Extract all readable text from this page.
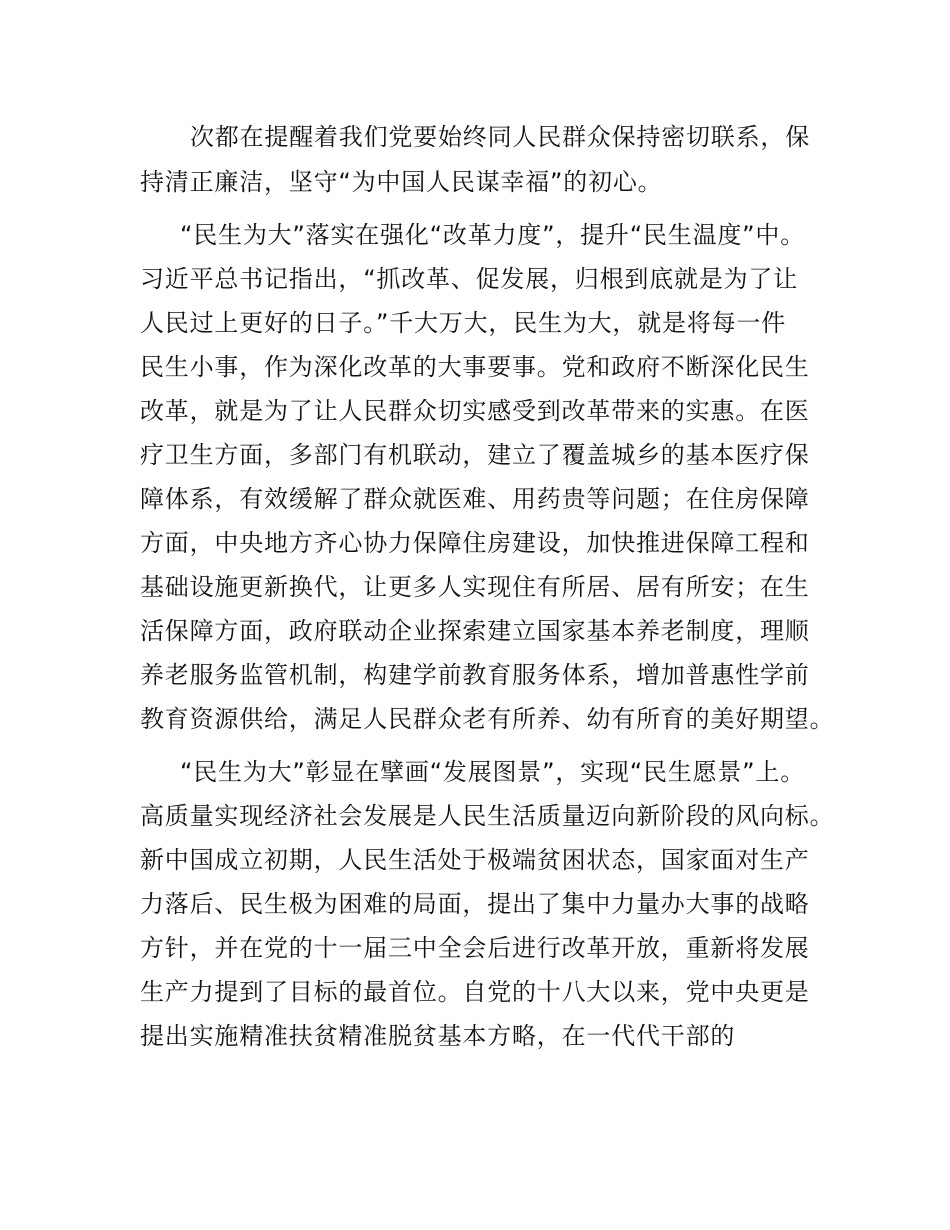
次都在提醒着我们党要始终同人民群众保持密切联系，保
持清正廉洁，坚守“为中国人民谋幸福”的初心。
“民生为大”落实在强化“改革力度”，提升“民生温度”中。
习近平总书记指出，“抓改革、促发展，归根到底就是为了让
人民过上更好的日子。”千大万大，民生为大，就是将每一件
民生小事，作为深化改革的大事要事。党和政府不断深化民生
改革，就是为了让人民群众切实感受到改革带来的实惠。在医
疗卫生方面，多部门有机联动，建立了覆盖城乡的基本医疗保
障体系，有效缓解了群众就医难、用药贵等问题；在住房保障
方面，中央地方齐心协力保障住房建设，加快推进保障工程和
基础设施更新换代，让更多人实现住有所居、居有所安；在生
活保障方面，政府联动企业探索建立国家基本养老制度，理顺
养老服务监管机制，构建学前教育服务体系，增加普惠性学前
教育资源供给，满足人民群众老有所养、幼有所育的美好期望。
“民生为大”彰显在擘画“发展图景”，实现“民生愿景”上。
高质量实现经济社会发展是人民生活质量迈向新阶段的风向标。
新中国成立初期，人民生活处于极端贫困状态，国家面对生产
力落后、民生极为困难的局面，提出了集中力量办大事的战略
方针，并在党的十一届三中全会后进行改革开放，重新将发展
生产力提到了目标的最首位。自党的十八大以来，党中央更是
提出实施精准扶贫精准脱贫基本方略，在一代代干部的
